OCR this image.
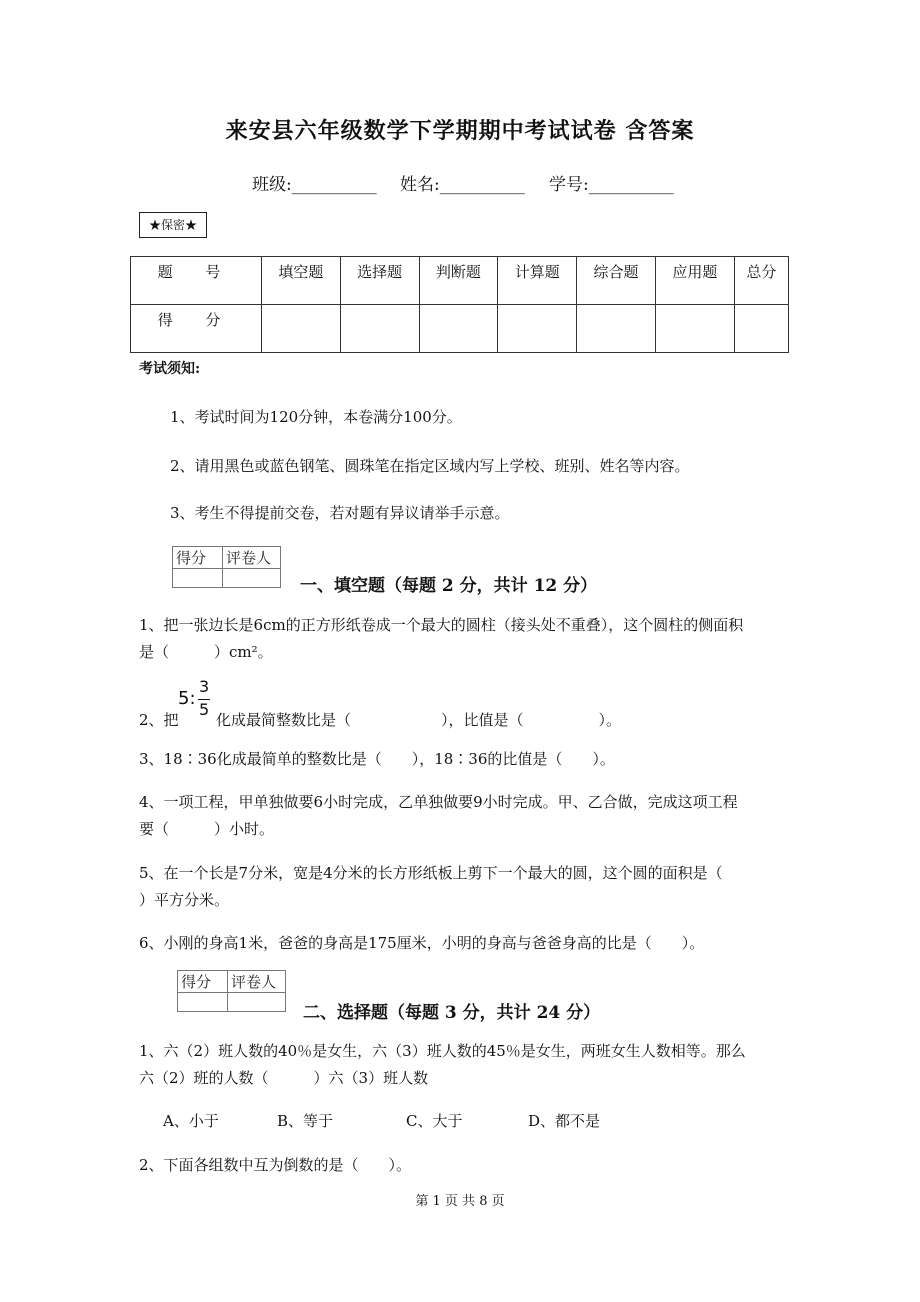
来安县六年级数学下学期期中考试试卷 含答案
班级:__________ 姓名:__________ 学号:__________
★保密★
题 号	填空题	选择题	判断题	计算题	综合题	应用题	总分
得 分							
考试须知:
1、考试时间为120分钟，本卷满分100分。
2、请用黑色或蓝色钢笔、圆珠笔在指定区域内写上学校、班别、姓名等内容。
3、考生不得提前交卷，若对题有异议请举手示意。
得分	评卷人

一、填空题（每题 2 分，共计 12 分）
1、把一张边长是6cm的正方形纸卷成一个最大的圆柱（接头处不重叠），这个圆柱的侧面积
是（　　　）cm²。
2、把
5:
3
5
化成最简整数比是（　　　　　　），比值是（　　　　　）。
3、18∶36化成最简单的整数比是（　　），18∶36的比值是（　　）。
4、一项工程，甲单独做要6小时完成，乙单独做要9小时完成。甲、乙合做，完成这项工程
要（　　　）小时。
5、在一个长是7分米，宽是4分米的长方形纸板上剪下一个最大的圆，这个圆的面积是（
）平方分米。
6、小刚的身高1米，爸爸的身高是175厘米，小明的身高与爸爸身高的比是（　　）。
得分	评卷人

二、选择题（每题 3 分，共计 24 分）
1、六（2）班人数的40％是女生，六（3）班人数的45％是女生，两班女生人数相等。那么
六（2）班的人数（　　　）六（3）班人数
A、小于	B、等于	C、大于	D、都不是
2、下面各组数中互为倒数的是（　　）。
第 1 页 共 8 页
